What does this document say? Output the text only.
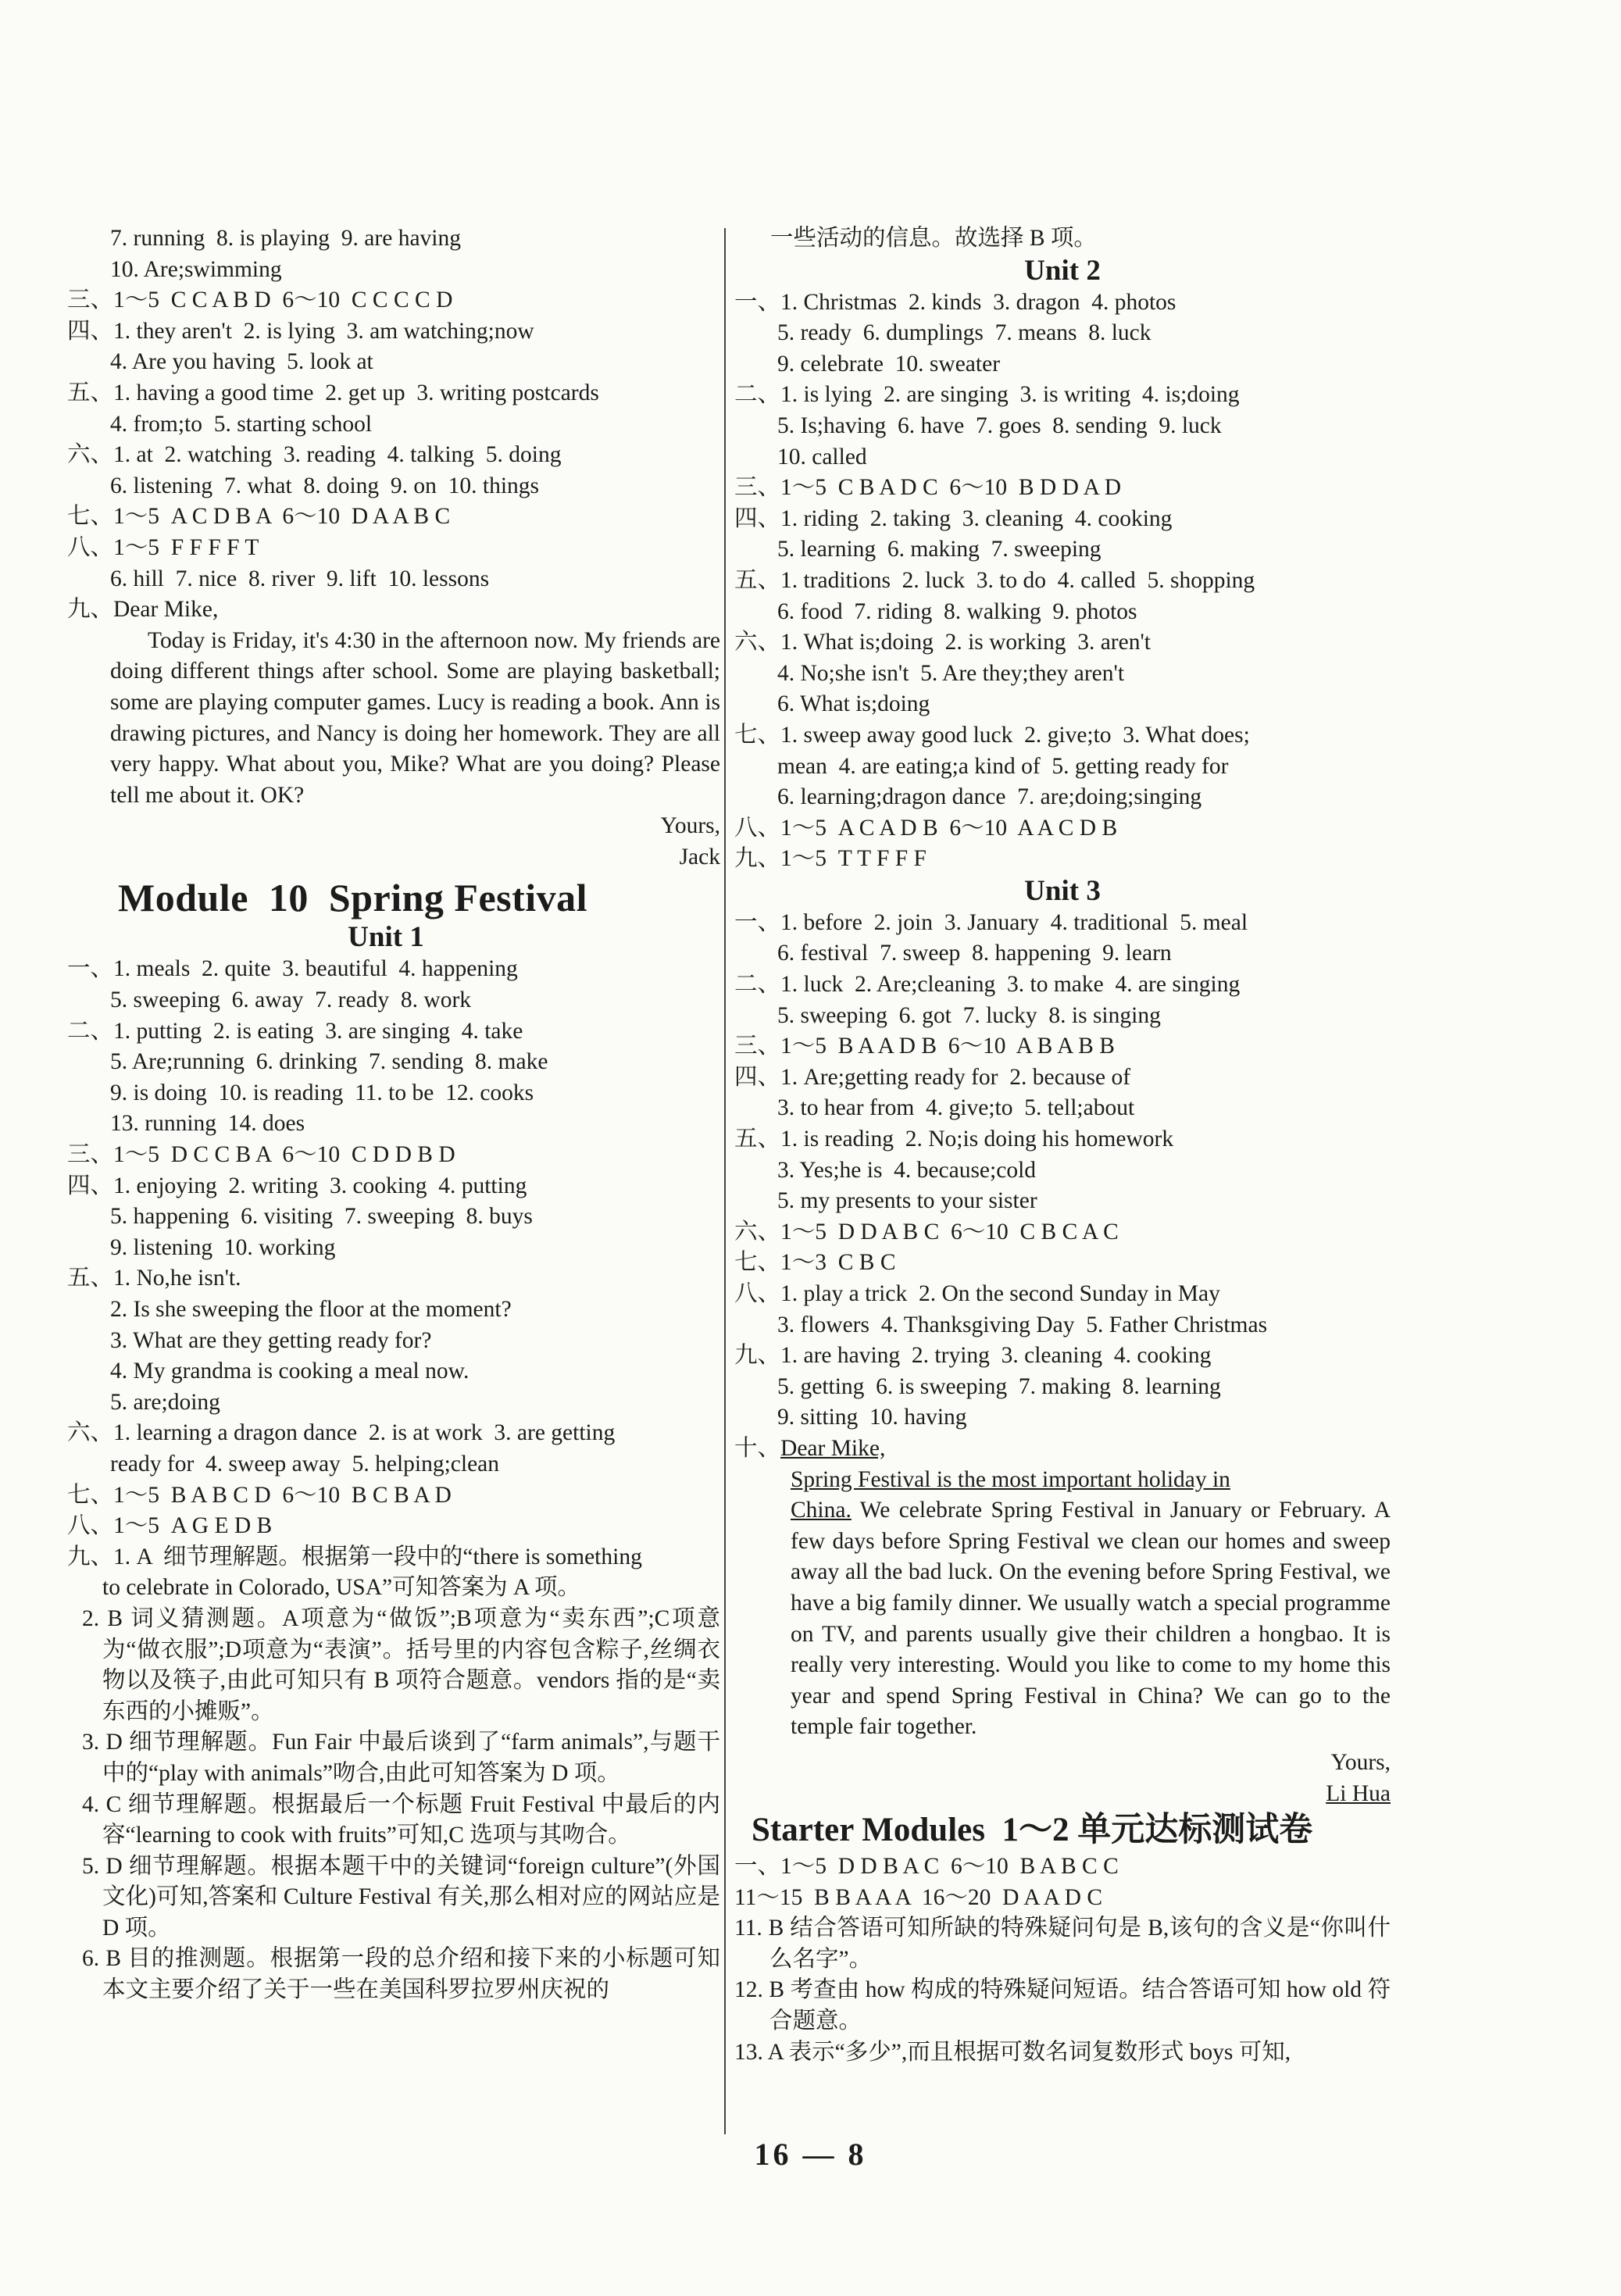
7. running  8. is playing  9. are having
10. Are;swimming
三、1～5  C C A B D  6～10  C C C C D
四、1. they aren't  2. is lying  3. am watching;now
4. Are you having  5. look at
五、1. having a good time  2. get up  3. writing postcards
4. from;to  5. starting school
六、1. at  2. watching  3. reading  4. talking  5. doing
6. listening  7. what  8. doing  9. on  10. things
七、1～5  A C D B A  6～10  D A A B C
八、1～5  F F F F T
6. hill  7. nice  8. river  9. lift  10. lessons
九、Dear Mike,
Today is Friday, it's 4:30 in the afternoon now. My friends are doing different things after school. Some are playing basketball; some are playing computer games. Lucy is reading a book. Ann is drawing pictures, and Nancy is doing her homework. They are all very happy. What about you, Mike? What are you doing? Please tell me about it. OK?
Yours,
Jack
Module  10  Spring Festival
Unit 1
一、1. meals  2. quite  3. beautiful  4. happening
5. sweeping  6. away  7. ready  8. work
二、1. putting  2. is eating  3. are singing  4. take
5. Are;running  6. drinking  7. sending  8. make
9. is doing  10. is reading  11. to be  12. cooks
13. running  14. does
三、1～5  D C C B A  6～10  C D D B D
四、1. enjoying  2. writing  3. cooking  4. putting
5. happening  6. visiting  7. sweeping  8. buys
9. listening  10. working
五、1. No,he isn't.
2. Is she sweeping the floor at the moment?
3. What are they getting ready for?
4. My grandma is cooking a meal now.
5. are;doing
六、1. learning a dragon dance  2. is at work  3. are getting
ready for  4. sweep away  5. helping;clean
七、1～5  B A B C D  6～10  B C B A D
八、1～5  A G E D B
九、1. A  细节理解题。根据第一段中的“there is something
to celebrate in Colorado, USA”可知答案为 A 项。
2. B 词义猜测题。A项意为“做饭”;B项意为“卖东西”;C项意为“做衣服”;D项意为“表演”。括号里的内容包含粽子,丝绸衣物以及筷子,由此可知只有 B 项符合题意。vendors 指的是“卖东西的小摊贩”。
3. D 细节理解题。Fun Fair 中最后谈到了“farm animals”,与题干中的“play with animals”吻合,由此可知答案为 D 项。
4. C 细节理解题。根据最后一个标题 Fruit Festival 中最后的内容“learning to cook with fruits”可知,C 选项与其吻合。
5. D 细节理解题。根据本题干中的关键词“foreign culture”(外国文化)可知,答案和 Culture Festival 有关,那么相对应的网站应是 D 项。
6. B 目的推测题。根据第一段的总介绍和接下来的小标题可知本文主要介绍了关于一些在美国科罗拉罗州庆祝的
一些活动的信息。故选择 B 项。
Unit 2
一、1. Christmas  2. kinds  3. dragon  4. photos
5. ready  6. dumplings  7. means  8. luck
9. celebrate  10. sweater
二、1. is lying  2. are singing  3. is writing  4. is;doing
5. Is;having  6. have  7. goes  8. sending  9. luck
10. called
三、1～5  C B A D C  6～10  B D D A D
四、1. riding  2. taking  3. cleaning  4. cooking
5. learning  6. making  7. sweeping
五、1. traditions  2. luck  3. to do  4. called  5. shopping
6. food  7. riding  8. walking  9. photos
六、1. What is;doing  2. is working  3. aren't
4. No;she isn't  5. Are they;they aren't
6. What is;doing
七、1. sweep away good luck  2. give;to  3. What does;
mean  4. are eating;a kind of  5. getting ready for
6. learning;dragon dance  7. are;doing;singing
八、1～5  A C A D B  6～10  A A C D B
九、1～5  T T F F F
Unit 3
一、1. before  2. join  3. January  4. traditional  5. meal
6. festival  7. sweep  8. happening  9. learn
二、1. luck  2. Are;cleaning  3. to make  4. are singing
5. sweeping  6. got  7. lucky  8. is singing
三、1～5  B A A D B  6～10  A B A B B
四、1. Are;getting ready for  2. because of
3. to hear from  4. give;to  5. tell;about
五、1. is reading  2. No;is doing his homework
3. Yes;he is  4. because;cold
5. my presents to your sister
六、1～5  D D A B C  6～10  C B C A C
七、1～3  C B C
八、1. play a trick  2. On the second Sunday in May
3. flowers  4. Thanksgiving Day  5. Father Christmas
九、1. are having  2. trying  3. cleaning  4. cooking
5. getting  6. is sweeping  7. making  8. learning
9. sitting  10. having
十、Dear Mike,
Spring Festival is the most important holiday in
China. We celebrate Spring Festival in January or February. A few days before Spring Festival we clean our homes and sweep away all the bad luck. On the evening before Spring Festival, we have a big family dinner. We usually watch a special programme on TV, and parents usually give their children a hongbao. It is really very interesting. Would you like to come to my home this year and spend Spring Festival in China? We can go to the temple fair together.
Yours,
Li Hua
Starter Modules  1～2 单元达标测试卷
一、1～5  D D B A C  6～10  B A B C C
11～15  B B A A A  16～20  D A A D C
11. B 结合答语可知所缺的特殊疑问句是 B,该句的含义是“你叫什么名字”。
12. B 考查由 how 构成的特殊疑问短语。结合答语可知 how old 符合题意。
13. A 表示“多少”,而且根据可数名词复数形式 boys 可知,
16 — 8
